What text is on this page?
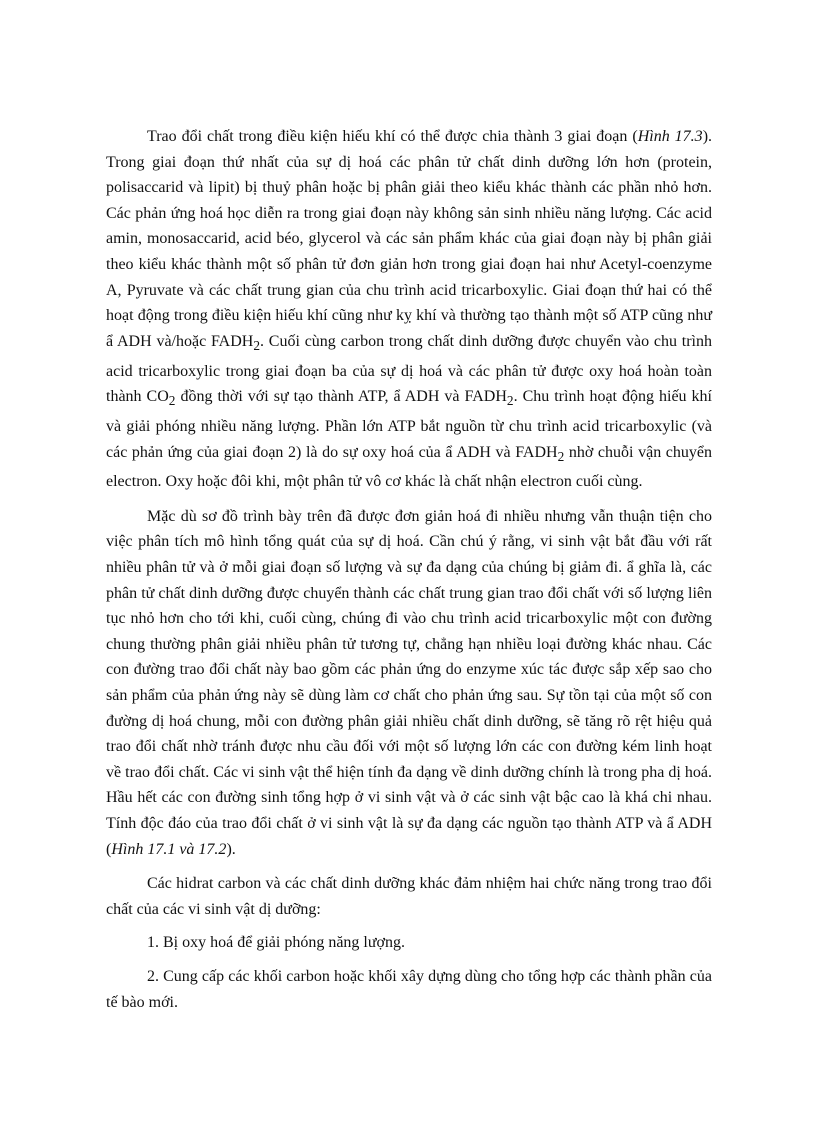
Trao đổi chất trong điều kiện hiếu khí có thể được chia thành 3 giai đoạn (Hình 17.3). Trong giai đoạn thứ nhất của sự dị hoá các phân tử chất dinh dưỡng lớn hơn (protein, polisaccarid và lipit) bị thuỷ phân hoặc bị phân giải theo kiểu khác thành các phần nhỏ hơn. Các phản ứng hoá học diễn ra trong giai đoạn này không sản sinh nhiều năng lượng. Các acid amin, monosaccarid, acid béo, glycerol và các sản phẩm khác của giai đoạn này bị phân giải theo kiểu khác thành một số phân tử đơn giản hơn trong giai đoạn hai như Acetyl-coenzyme A, Pyruvate và các chất trung gian của chu trình acid tricarboxylic. Giai đoạn thứ hai có thể hoạt động trong điều kiện hiếu khí cũng như kỵ khí và thường tạo thành một số ATP cũng như ẩ ADH và/hoặc $FADH_2$. Cuối cùng carbon trong chất dinh dưỡng được chuyển vào chu trình acid tricarboxylic trong giai đoạn ba của sự dị hoá và các phân tử được oxy hoá hoàn toàn thành $CO_2$ đồng thời với sự tạo thành ATP, ẩ ADH và $FADH_2$. Chu trình hoạt động hiếu khí và giải phóng nhiều năng lượng. Phần lớn ATP bắt nguồn từ chu trình acid tricarboxylic (và các phản ứng của giai đoạn 2) là do sự oxy hoá của ẩ ADH và $FADH_2$ nhờ chuỗi vận chuyển electron. Oxy hoặc đôi khi, một phân tử vô cơ khác là chất nhận electron cuối cùng.

Mặc dù sơ đồ trình bày trên đã được đơn giản hoá đi nhiều nhưng vẫn thuận tiện cho việc phân tích mô hình tổng quát của sự dị hoá. Cần chú ý rằng, vi sinh vật bắt đầu với rất nhiều phân tử và ở mỗi giai đoạn số lượng và sự đa dạng của chúng bị giảm đi. ẩ ghĩa là, các phân tử chất dinh dưỡng được chuyển thành các chất trung gian trao đổi chất với số lượng liên tục nhỏ hơn cho tới khi, cuối cùng, chúng đi vào chu trình acid tricarboxylic một con đường chung thường phân giải nhiều phân tử tương tự, chẳng hạn nhiều loại đường khác nhau. Các con đường trao đổi chất này bao gồm các phản ứng do enzyme xúc tác được sắp xếp sao cho sản phẩm của phản ứng này sẽ dùng làm cơ chất cho phản ứng sau. Sự tồn tại của một số con đường dị hoá chung, mỗi con đường phân giải nhiều chất dinh dưỡng, sẽ tăng rõ rệt hiệu quả trao đổi chất nhờ tránh được nhu cầu đối với một số lượng lớn các con đường kém linh hoạt về trao đổi chất. Các vi sinh vật thể hiện tính đa dạng về dinh dưỡng chính là trong pha dị hoá. Hầu hết các con đường sinh tổng hợp ở vi sinh vật và ở các sinh vật bậc cao là khá chi nhau. Tính độc đáo của trao đổi chất ở vi sinh vật là sự đa dạng các nguồn tạo thành ATP và ẩ ADH (Hình 17.1 và 17.2).

Các hidrat carbon và các chất dinh dưỡng khác đảm nhiệm hai chức năng trong trao đổi chất của các vi sinh vật dị dưỡng:

1. Bị oxy hoá để giải phóng năng lượng.

2. Cung cấp các khối carbon hoặc khối xây dựng dùng cho tổng hợp các thành phần của tế bào mới.
